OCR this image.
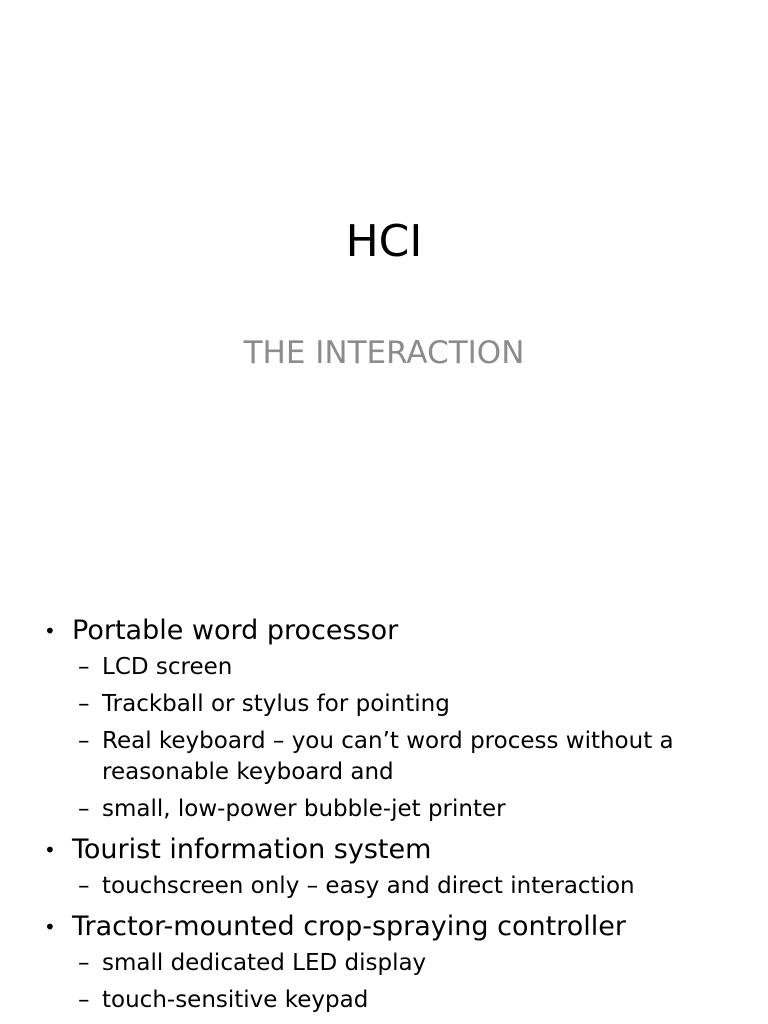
HCI
THE INTERACTION
• Portable word processor
– LCD screen
– Trackball or stylus for pointing
– Real keyboard – you can’t word process without a reasonable keyboard and
– small, low-power bubble-jet printer
• Tourist information system
– touchscreen only – easy and direct interaction
• Tractor-mounted crop-spraying controller
– small dedicated LED display
– touch-sensitive keypad
